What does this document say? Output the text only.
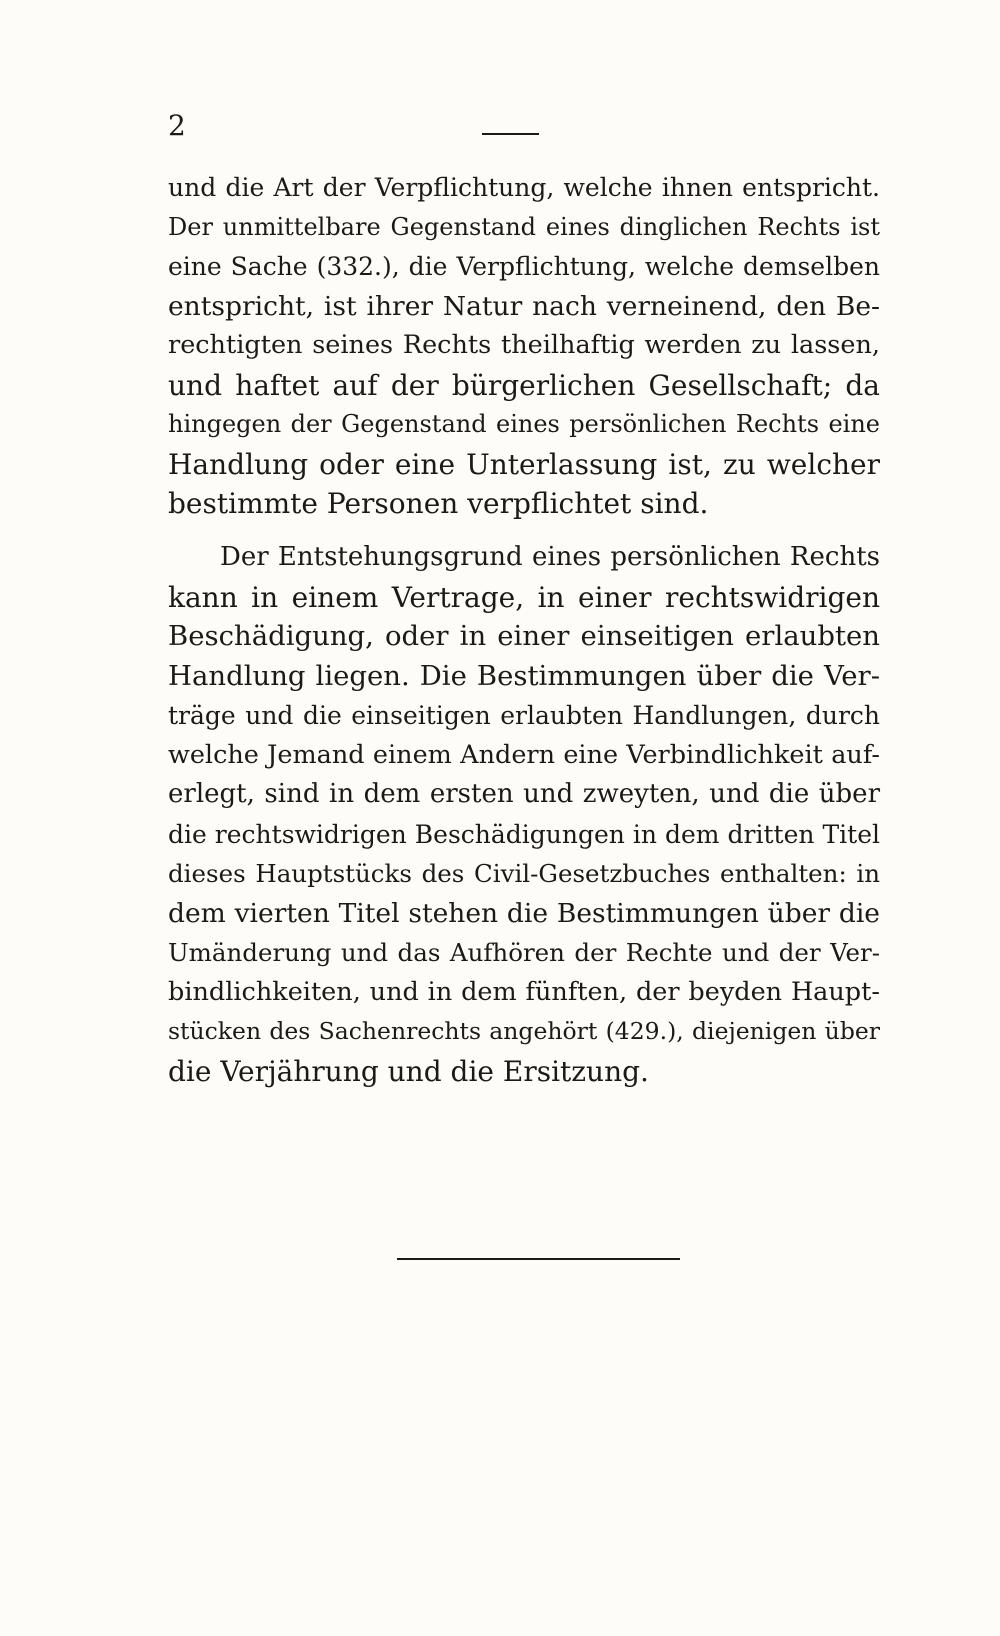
2
und die Art der Verpflichtung, welche ihnen entspricht.
Der unmittelbare Gegenstand eines dinglichen Rechts ist
eine Sache (332.), die Verpflichtung, welche demselben
entspricht, ist ihrer Natur nach verneinend, den Be-
rechtigten seines Rechts theilhaftig werden zu lassen,
und haftet auf der bürgerlichen Gesellschaft; da
hingegen der Gegenstand eines persönlichen Rechts eine
Handlung oder eine Unterlassung ist, zu welcher
bestimmte Personen verpflichtet sind.
Der Entstehungsgrund eines persönlichen Rechts
kann in einem Vertrage, in einer rechtswidrigen
Beschädigung, oder in einer einseitigen erlaubten
Handlung liegen. Die Bestimmungen über die Ver-
träge und die einseitigen erlaubten Handlungen, durch
welche Jemand einem Andern eine Verbindlichkeit auf-
erlegt, sind in dem ersten und zweyten, und die über
die rechtswidrigen Beschädigungen in dem dritten Titel
dieses Hauptstücks des Civil-Gesetzbuches enthalten: in
dem vierten Titel stehen die Bestimmungen über die
Umänderung und das Aufhören der Rechte und der Ver-
bindlichkeiten, und in dem fünften, der beyden Haupt-
stücken des Sachenrechts angehört (429.), diejenigen über
die Verjährung und die Ersitzung.
